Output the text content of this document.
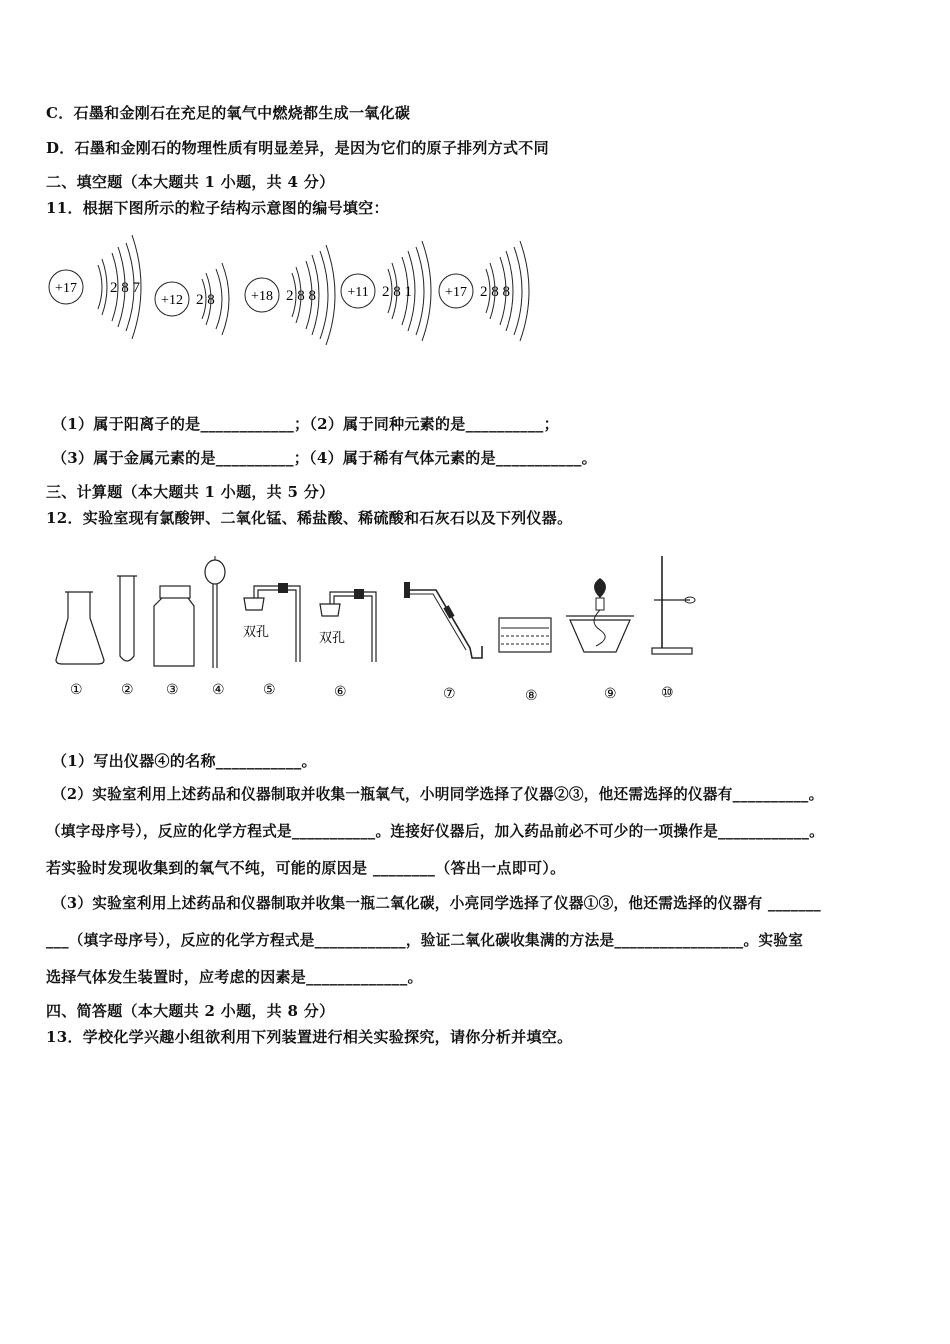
C．石墨和金刚石在充足的氧气中燃烧都生成一氧化碳
D．石墨和金刚石的物理性质有明显差异，是因为它们的原子排列方式不同
二、填空题（本大题共 1 小题，共 4 分）
11．根据下图所示的粒子结构示意图的编号填空：
+17 2 8 7
+12 2 8	+18 2 8 8 +11 2 8 1 +17 2 8 8
（1）属于阳离子的是____________；（2）属于同种元素的是__________；
（3）属于金属元素的是__________；（4）属于稀有气体元素的是___________。
三、计算题（本大题共 1 小题，共 5 分）
12．实验室现有氯酸钾、二氧化锰、稀盐酸、稀硫酸和石灰石以及下列仪器。
双孔	双孔
①	② ③ ④	⑤	⑥	⑦	⑧	⑨	⑩
（1）写出仪器④的名称___________。
（2）实验室利用上述药品和仪器制取并收集一瓶氧气，小明同学选择了仪器②③，他还需选择的仪器有__________。
（填字母序号），反应的化学方程式是___________。连接好仪器后，加入药品前必不可少的一项操作是____________。
若实验时发现收集到的氧气不纯，可能的原因是 ________（答出一点即可）。
（3）实验室利用上述药品和仪器制取并收集一瓶二氧化碳，小亮同学选择了仪器①③，他还需选择的仪器有 _______
___（填字母序号），反应的化学方程式是____________，验证二氧化碳收集满的方法是_________________。实验室
选择气体发生装置时，应考虑的因素是_____________。
四、简答题（本大题共 2 小题，共 8 分）
13．学校化学兴趣小组欲利用下列装置进行相关实验探究，请你分析并填空。
